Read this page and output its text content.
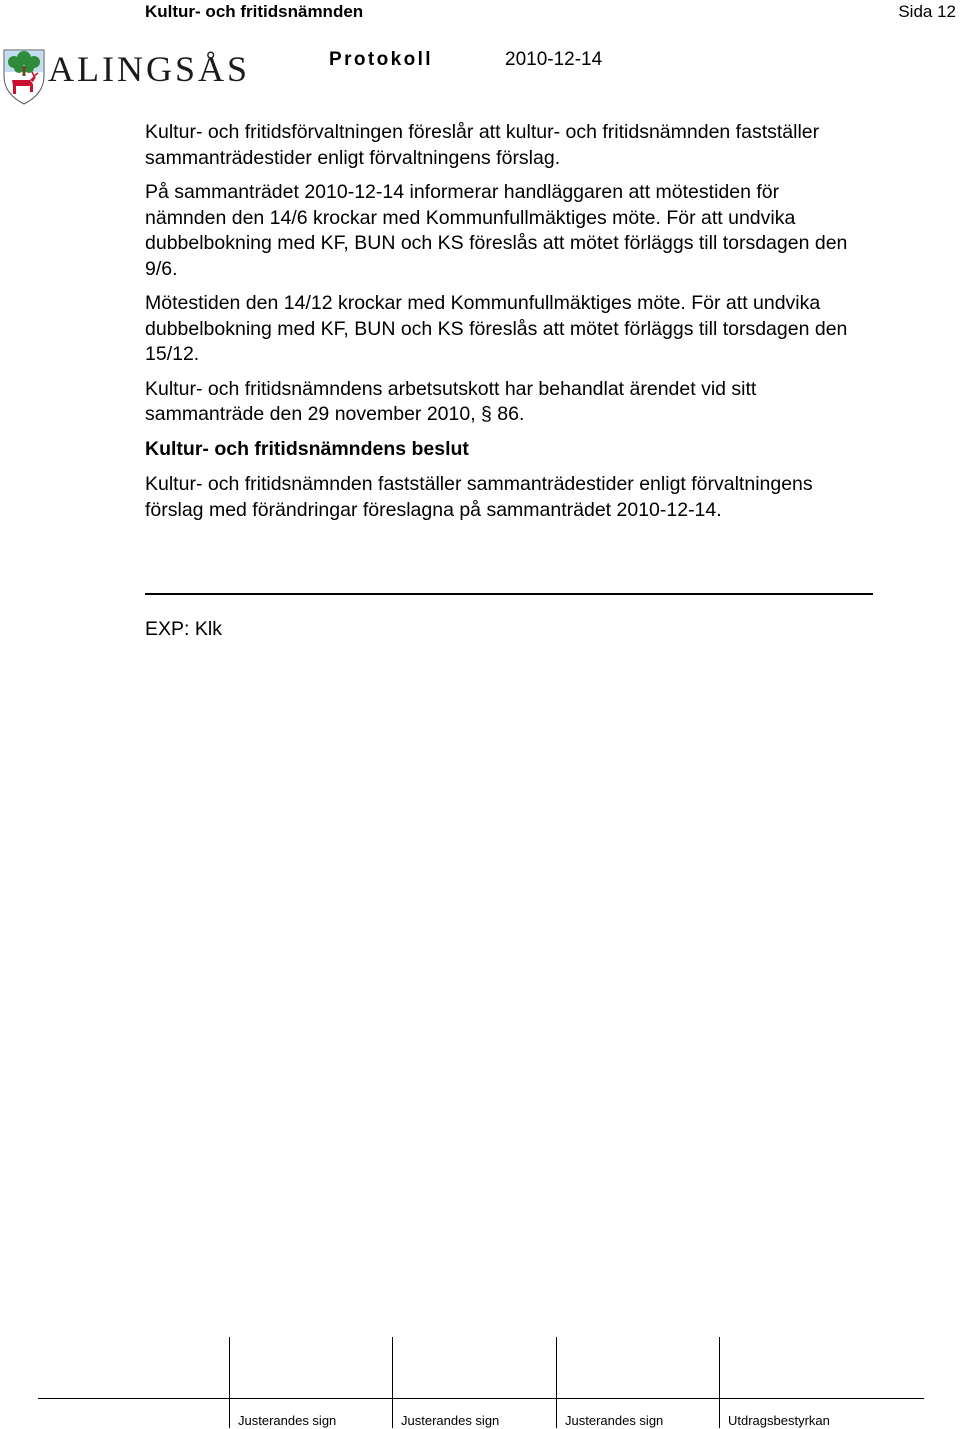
Kultur- och fritidsnämnden	Sida 12
ALINGSÅS	Protokoll	2010-12-14

Kultur- och fritidsförvaltningen föreslår att kultur- och fritidsnämnden fastställer sammanträdestider enligt förvaltningens förslag.

På sammanträdet 2010-12-14 informerar handläggaren att mötestiden för nämnden den 14/6 krockar med Kommunfullmäktiges möte. För att undvika dubbelbokning med KF, BUN och KS föreslås att mötet förläggs till torsdagen den 9/6.

Mötestiden den 14/12 krockar med Kommunfullmäktiges möte. För att undvika dubbelbokning med KF, BUN och KS föreslås att mötet förläggs till torsdagen den 15/12.

Kultur- och fritidsnämndens arbetsutskott har behandlat ärendet vid sitt sammanträde den 29 november 2010, § 86.

Kultur- och fritidsnämndens beslut

Kultur- och fritidsnämnden fastställer sammanträdestider enligt förvaltningens förslag med förändringar föreslagna på sammanträdet 2010-12-14.

EXP: Klk
Justerandes sign	Justerandes sign	Justerandes sign	Utdragsbestyrkan
